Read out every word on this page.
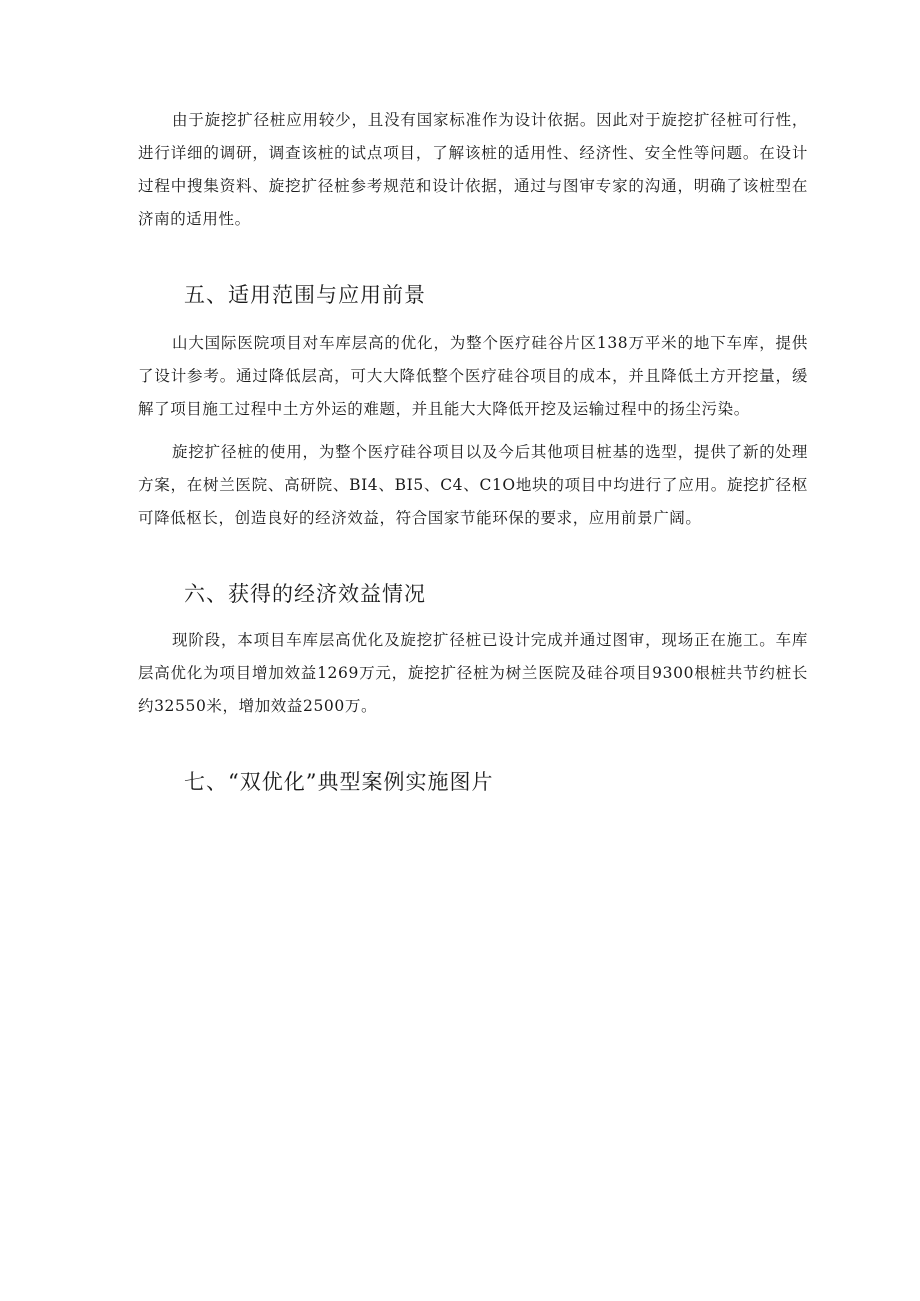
由于旋挖扩径桩应用较少，且没有国家标准作为设计依据。因此对于旋挖扩径桩可行性，进行详细的调研，调查该桩的试点项目，了解该桩的适用性、经济性、安全性等问题。在设计过程中搜集资料、旋挖扩径桩参考规范和设计依据，通过与图审专家的沟通，明确了该桩型在济南的适用性。

五、适用范围与应用前景

山大国际医院项目对车库层高的优化，为整个医疗硅谷片区138万平米的地下车库，提供了设计参考。通过降低层高，可大大降低整个医疗硅谷项目的成本，并且降低土方开挖量，缓解了项目施工过程中土方外运的难题，并且能大大降低开挖及运输过程中的扬尘污染。

旋挖扩径桩的使用，为整个医疗硅谷项目以及今后其他项目桩基的选型，提供了新的处理方案，在树兰医院、高研院、BI4、BI5、C4、C1O地块的项目中均进行了应用。旋挖扩径枢可降低枢长，创造良好的经济效益，符合国家节能环保的要求，应用前景广阔。

六、获得的经济效益情况

现阶段，本项目车库层高优化及旋挖扩径桩已设计完成并通过图审，现场正在施工。车库层高优化为项目增加效益1269万元，旋挖扩径桩为树兰医院及硅谷项目9300根桩共节约桩长约32550米，增加效益2500万。

七、“双优化”典型案例实施图片
